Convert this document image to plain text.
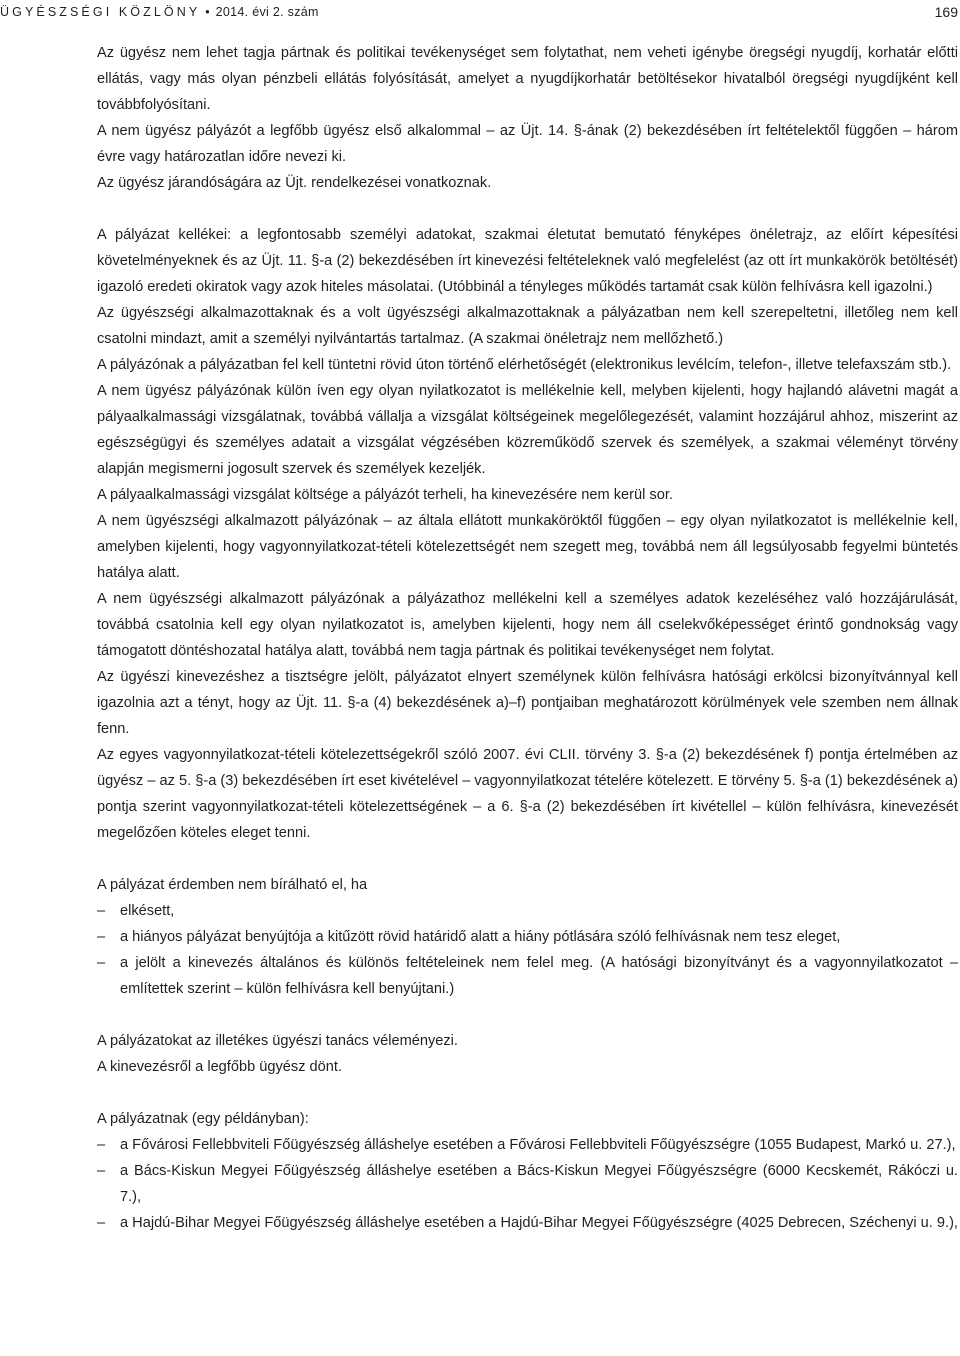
ÜGYÉSZSÉGI KÖZLÖNY • 2014. évi 2. szám	169

Az ügyész nem lehet tagja pártnak és politikai tevékenységet sem folytathat, nem veheti igénybe öregségi nyugdíj, korhatár előtti ellátás, vagy más olyan pénzbeli ellátás folyósítását, amelyet a nyugdíjkorhatár betöltésekor hivatalból öregségi nyugdíjként kell továbbfolyósítani.

A nem ügyész pályázót a legfőbb ügyész első alkalommal – az Üjt. 14. §-ának (2) bekezdésében írt feltételektől függően – három évre vagy határozatlan időre nevezi ki.

Az ügyész járandóságára az Üjt. rendelkezései vonatkoznak.

A pályázat kellékei: a legfontosabb személyi adatokat, szakmai életutat bemutató fényképes önéletrajz, az előírt képesítési követelményeknek és az Üjt. 11. §-a (2) bekezdésében írt kinevezési feltételeknek való megfelelést (az ott írt munkakörök betöltését) igazoló eredeti okiratok vagy azok hiteles másolatai. (Utóbbinál a tényleges működés tartamát csak külön felhívásra kell igazolni.)

Az ügyészségi alkalmazottaknak és a volt ügyészségi alkalmazottaknak a pályázatban nem kell szerepeltetni, illetőleg nem kell csatolni mindazt, amit a személyi nyilvántartás tartalmaz. (A szakmai önéletrajz nem mellőzhető.)

A pályázónak a pályázatban fel kell tüntetni rövid úton történő elérhetőségét (elektronikus levélcím, telefon-, illetve telefaxszám stb.).

A nem ügyész pályázónak külön íven egy olyan nyilatkozatot is mellékelnie kell, melyben kijelenti, hogy hajlandó alávetni magát a pályaalkalmassági vizsgálatnak, továbbá vállalja a vizsgálat költségeinek megelőlegezését, valamint hozzájárul ahhoz, miszerint az egészségügyi és személyes adatait a vizsgálat végzésében közreműködő szervek és személyek, a szakmai véleményt törvény alapján megismerni jogosult szervek és személyek kezeljék.

A pályaalkalmassági vizsgálat költsége a pályázót terheli, ha kinevezésére nem kerül sor.

A nem ügyészségi alkalmazott pályázónak – az általa ellátott munkaköröktől függően – egy olyan nyilatkozatot is mellékelnie kell, amelyben kijelenti, hogy vagyonnyilatkozat-tételi kötelezettségét nem szegett meg, továbbá nem áll legsúlyosabb fegyelmi büntetés hatálya alatt.

A nem ügyészségi alkalmazott pályázónak a pályázathoz mellékelni kell a személyes adatok kezeléséhez való hozzájárulását, továbbá csatolnia kell egy olyan nyilatkozatot is, amelyben kijelenti, hogy nem áll cselekvőképességet érintő gondnokság vagy támogatott döntéshozatal hatálya alatt, továbbá nem tagja pártnak és politikai tevékenységet nem folytat.

Az ügyészi kinevezéshez a tisztségre jelölt, pályázatot elnyert személynek külön felhívásra hatósági erkölcsi bizonyítvánnyal kell igazolnia azt a tényt, hogy az Üjt. 11. §-a (4) bekezdésének a)–f) pontjaiban meghatározott körülmények vele szemben nem állnak fenn.

Az egyes vagyonnyilatkozat-tételi kötelezettségekről szóló 2007. évi CLII. törvény 3. §-a (2) bekezdésének f) pontja értelmében az ügyész – az 5. §-a (3) bekezdésében írt eset kivételével – vagyonnyilatkozat tételére kötelezett. E törvény 5. §-a (1) bekezdésének a) pontja szerint vagyonnyilatkozat-tételi kötelezettségének – a 6. §-a (2) bekezdésében írt kivétellel – külön felhívásra, kinevezését megelőzően köteles eleget tenni.

A pályázat érdemben nem bírálható el, ha

– elkésett,
– a hiányos pályázat benyújtója a kitűzött rövid határidő alatt a hiány pótlására szóló felhívásnak nem tesz eleget,
– a jelölt a kinevezés általános és különös feltételeinek nem felel meg. (A hatósági bizonyítványt és a vagyonnyilatkozatot – említettek szerint – külön felhívásra kell benyújtani.)

A pályázatokat az illetékes ügyészi tanács véleményezi.

A kinevezésről a legfőbb ügyész dönt.

A pályázatnak (egy példányban):

– a Fővárosi Fellebbviteli Főügyészség álláshelye esetében a Fővárosi Fellebbviteli Főügyészségre (1055 Budapest, Markó u. 27.),
– a Bács-Kiskun Megyei Főügyészség álláshelye esetében a Bács-Kiskun Megyei Főügyészségre (6000 Kecskemét, Rákóczi u. 7.),
– a Hajdú-Bihar Megyei Főügyészség álláshelye esetében a Hajdú-Bihar Megyei Főügyészségre (4025 Debrecen, Széchenyi u. 9.),
